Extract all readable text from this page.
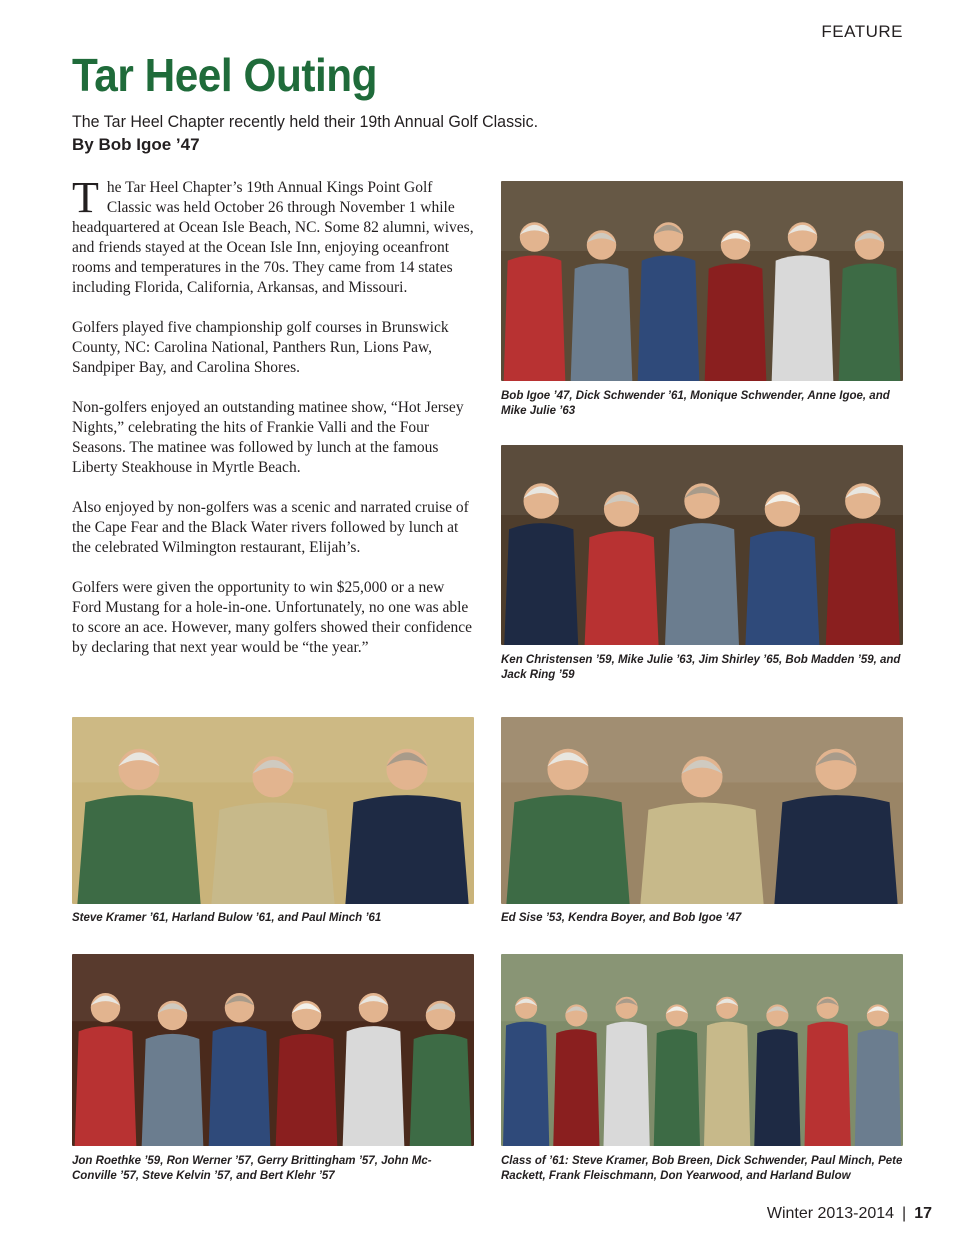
FEATURE
Tar Heel Outing
The Tar Heel Chapter recently held their 19th Annual Golf Classic.
By Bob Igoe ’47

The Tar Heel Chapter’s 19th Annual Kings Point Golf Classic was held October 26 through November 1 while headquartered at Ocean Isle Beach, NC. Some 82 alumni, wives, and friends stayed at the Ocean Isle Inn, enjoying oceanfront rooms and temperatures in the 70s. They came from 14 states including Florida, California, Arkansas, and Missouri.

Golfers played five championship golf courses in Brunswick County, NC: Carolina National, Panthers Run, Lions Paw, Sandpiper Bay, and Carolina Shores.

Non-golfers enjoyed an outstanding matinee show, “Hot Jersey Nights,” celebrating the hits of Frankie Valli and the Four Seasons. The matinee was followed by lunch at the famous Liberty Steakhouse in Myrtle Beach.

Also enjoyed by non-golfers was a scenic and narrated cruise of the Cape Fear and the Black Water rivers followed by lunch at the celebrated Wilmington restaurant, Elijah’s.

Golfers were given the opportunity to win $25,000 or a new Ford Mustang for a hole-in-one. Unfortunately, no one was able to score an ace. However, many golfers showed their confidence by declaring that next year would be “the year.”

Bob Igoe ’47, Dick Schwender ’61, Monique Schwender, Anne Igoe, and Mike Julie ’63
Ken Christensen ’59, Mike Julie ’63, Jim Shirley ’65, Bob Madden ’59, and Jack Ring ’59
Steve Kramer ’61, Harland Bulow ’61, and Paul Minch ’61	Ed Sise ’53, Kendra Boyer, and Bob Igoe ’47
Jon Roethke ’59, Ron Werner ’57, Gerry Brittingham ’57, John Mc-Conville ’57, Steve Kelvin ’57, and Bert Klehr ’57
Class of ’61: Steve Kramer, Bob Breen, Dick Schwender, Paul Minch, Pete Rackett, Frank Fleischmann, Don Yearwood, and Harland Bulow
Winter 2013-2014 | 17
